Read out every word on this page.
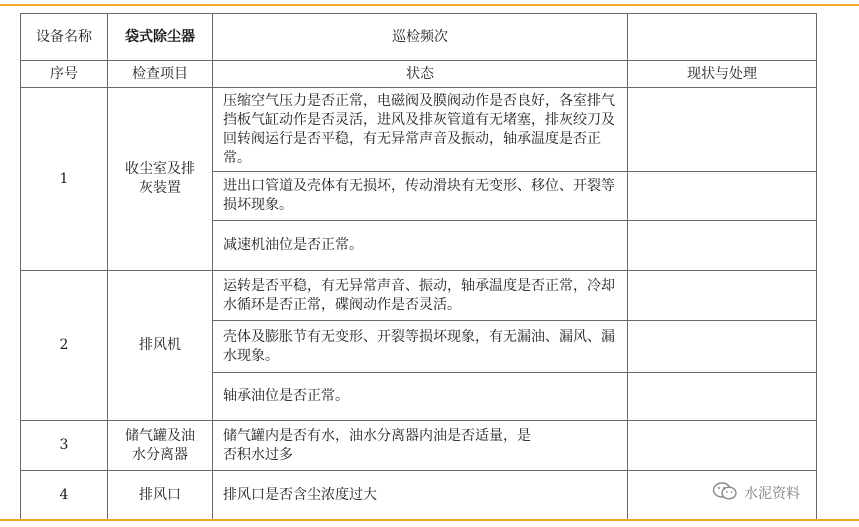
设备名称	袋式除尘器	巡检频次	
序号	检查项目	状态	现状与处理
1	收尘室及排灰装置	压缩空气压力是否正常，电磁阀及膜阀动作是否良好，各室排气挡板气缸动作是否灵活，进风及排灰管道有无堵塞，排灰绞刀及回转阀运行是否平稳，有无异常声音及振动，轴承温度是否正常。	
		进出口管道及壳体有无损坏，传动滑块有无变形、移位、开裂等损坏现象。	
		减速机油位是否正常。	
2	排风机	运转是否平稳，有无异常声音、振动，轴承温度是否正常，冷却水循环是否正常，碟阀动作是否灵活。	
		壳体及膨胀节有无变形、开裂等损坏现象，有无漏油、漏风、漏水现象。	
		轴承油位是否正常。	
3	储气罐及油水分离器	储气罐内是否有水，油水分离器内油是否适量，是否积水过多	
4	排风口	排风口是否含尘浓度过大		水泥资料
